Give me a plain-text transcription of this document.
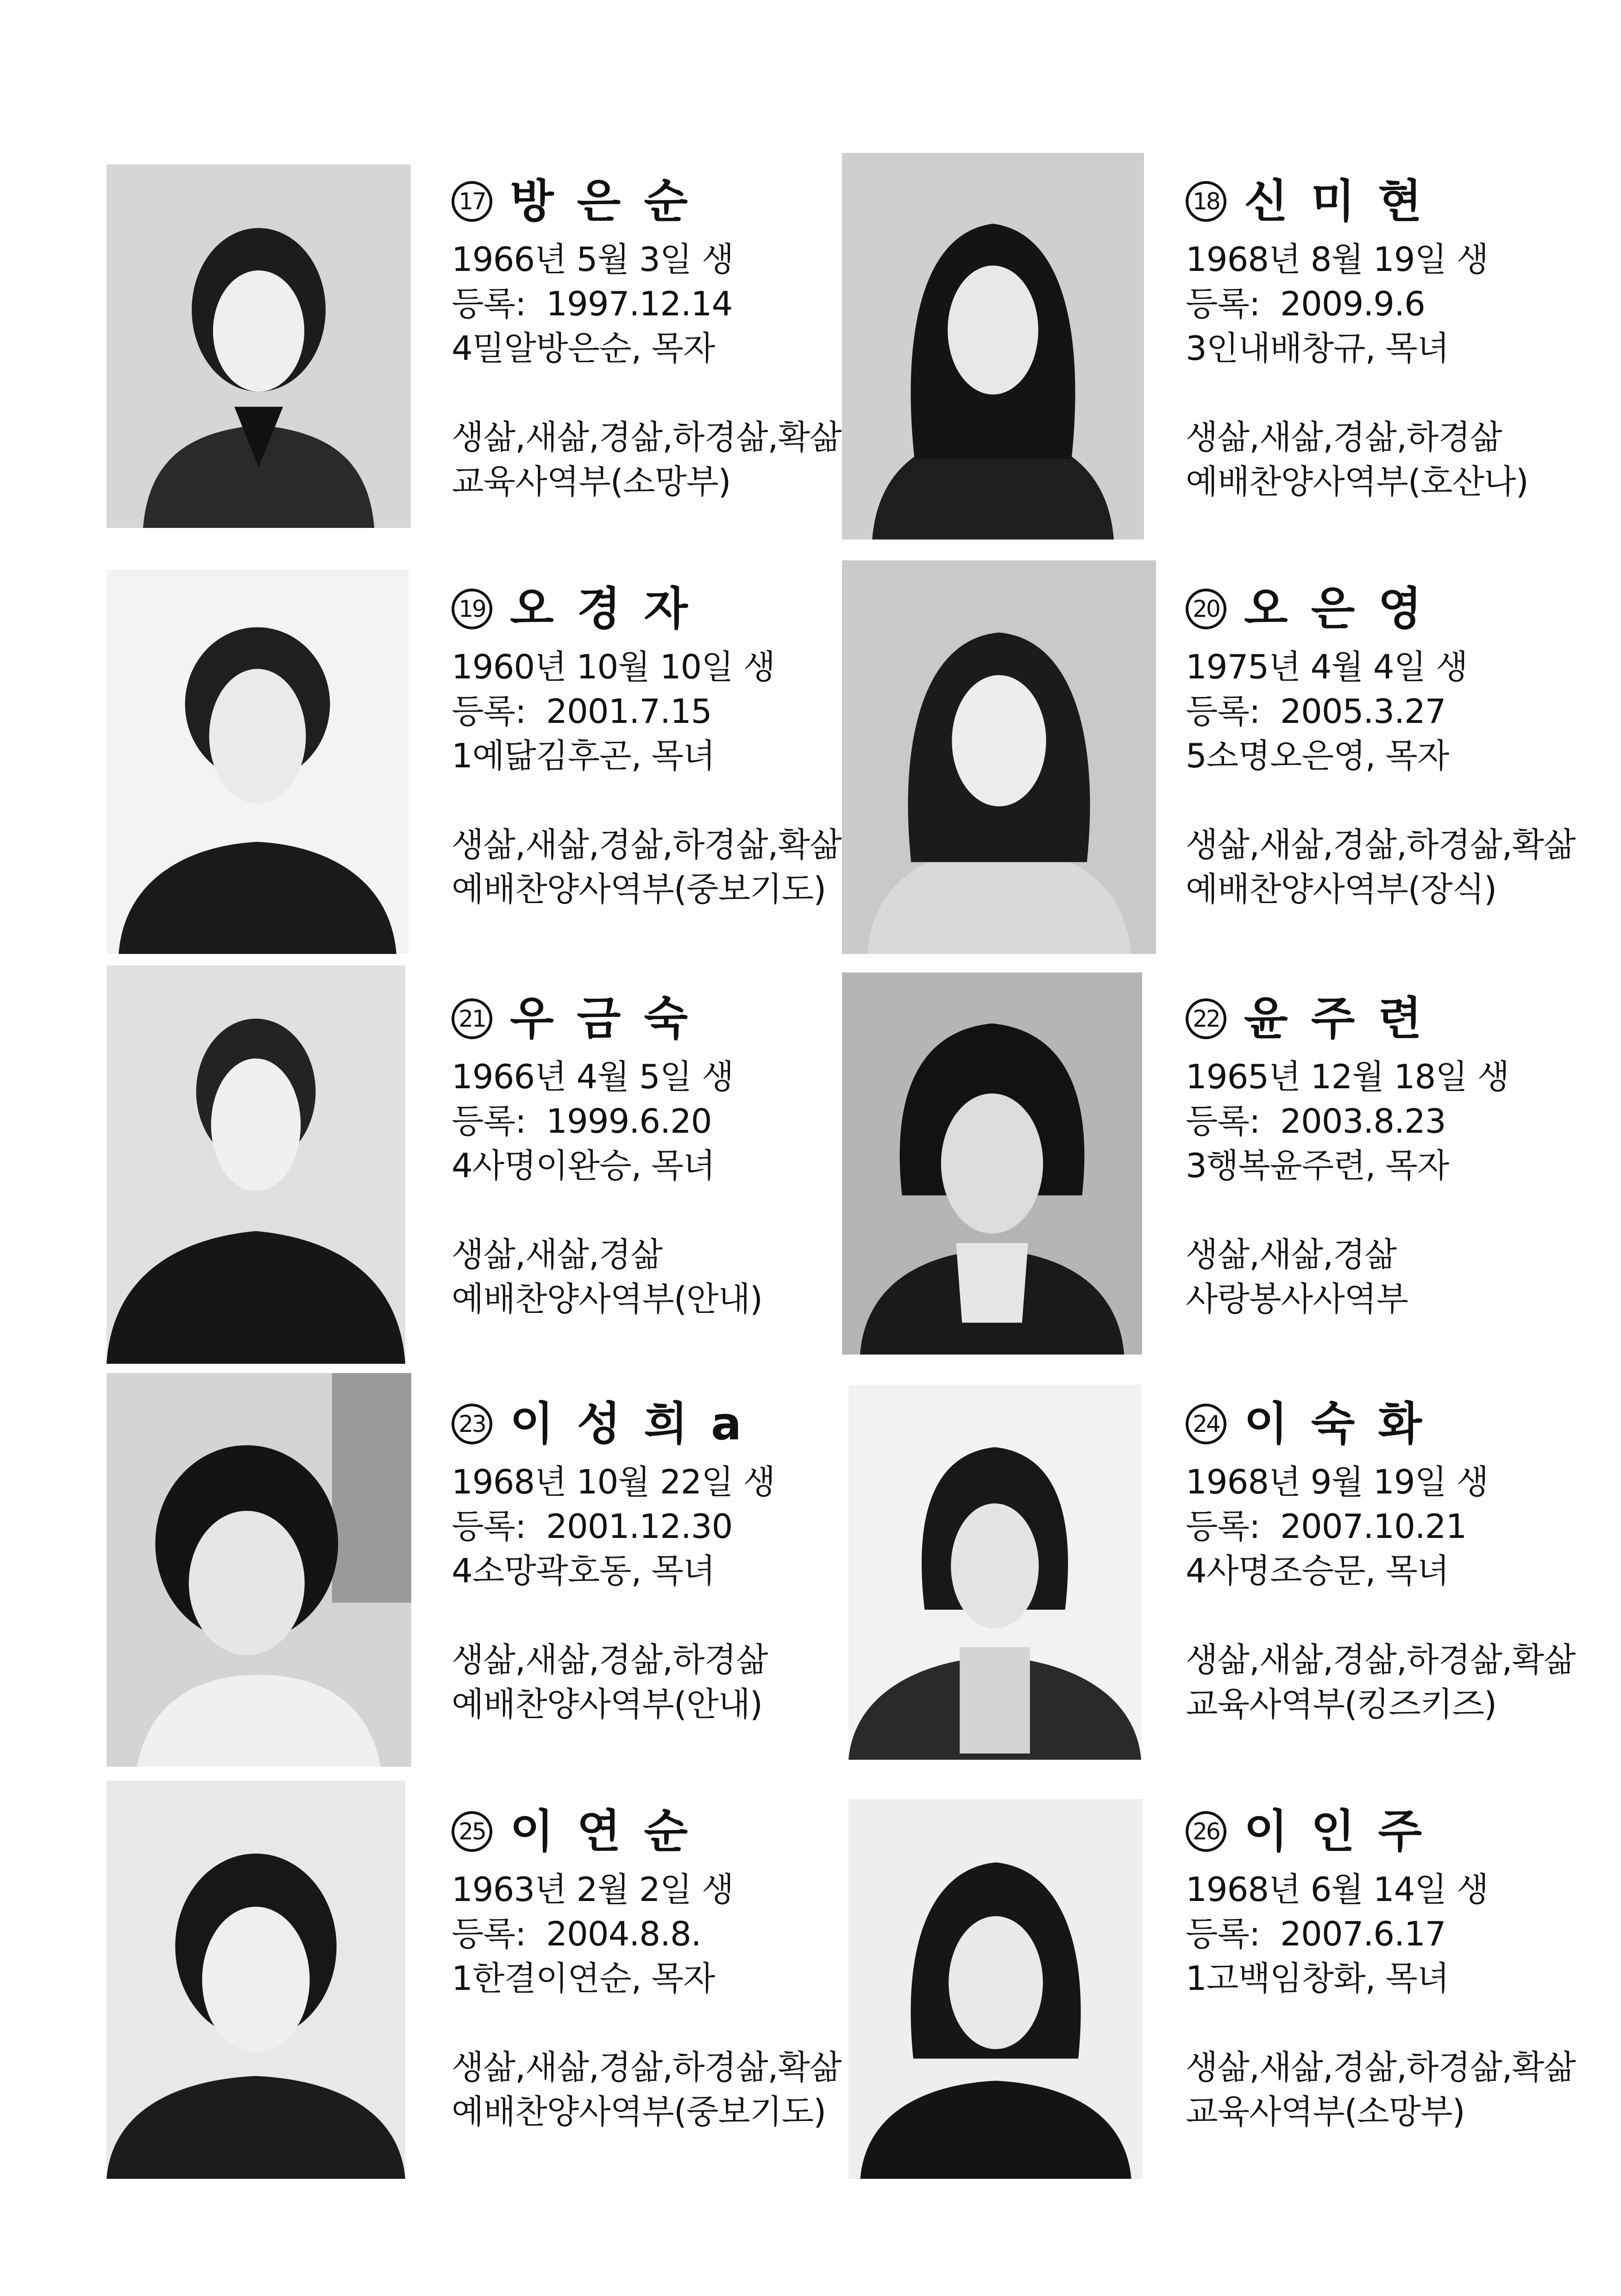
17 방은순
1966년 5월 3일 생
등록: 1997.12.14
4밀알방은순, 목자
생삶,새삶,경삶,하경삶,확삶
교육사역부(소망부)
18 신미현
1968년 8월 19일 생
등록: 2009.9.6
3인내배창규, 목녀
생삶,새삶,경삶,하경삶
예배찬양사역부(호산나)
19 오경자
1960년 10월 10일 생
등록: 2001.7.15
1예닮김후곤, 목녀
생삶,새삶,경삶,하경삶,확삶
예배찬양사역부(중보기도)
20 오은영
1975년 4월 4일 생
등록: 2005.3.27
5소명오은영, 목자
생삶,새삶,경삶,하경삶,확삶
예배찬양사역부(장식)
21 우금숙
1966년 4월 5일 생
등록: 1999.6.20
4사명이완승, 목녀
생삶,새삶,경삶
예배찬양사역부(안내)
22 윤주련
1965년 12월 18일 생
등록: 2003.8.23
3행복윤주련, 목자
생삶,새삶,경삶
사랑봉사사역부
23 이성희a
1968년 10월 22일 생
등록: 2001.12.30
4소망곽호동, 목녀
생삶,새삶,경삶,하경삶
예배찬양사역부(안내)
24 이숙화
1968년 9월 19일 생
등록: 2007.10.21
4사명조승문, 목녀
생삶,새삶,경삶,하경삶,확삶
교육사역부(킹즈키즈)
25 이연순
1963년 2월 2일 생
등록: 2004.8.8.
1한결이연순, 목자
생삶,새삶,경삶,하경삶,확삶
예배찬양사역부(중보기도)
26 이인주
1968년 6월 14일 생
등록: 2007.6.17
1고백임창화, 목녀
생삶,새삶,경삶,하경삶,확삶
교육사역부(소망부)
